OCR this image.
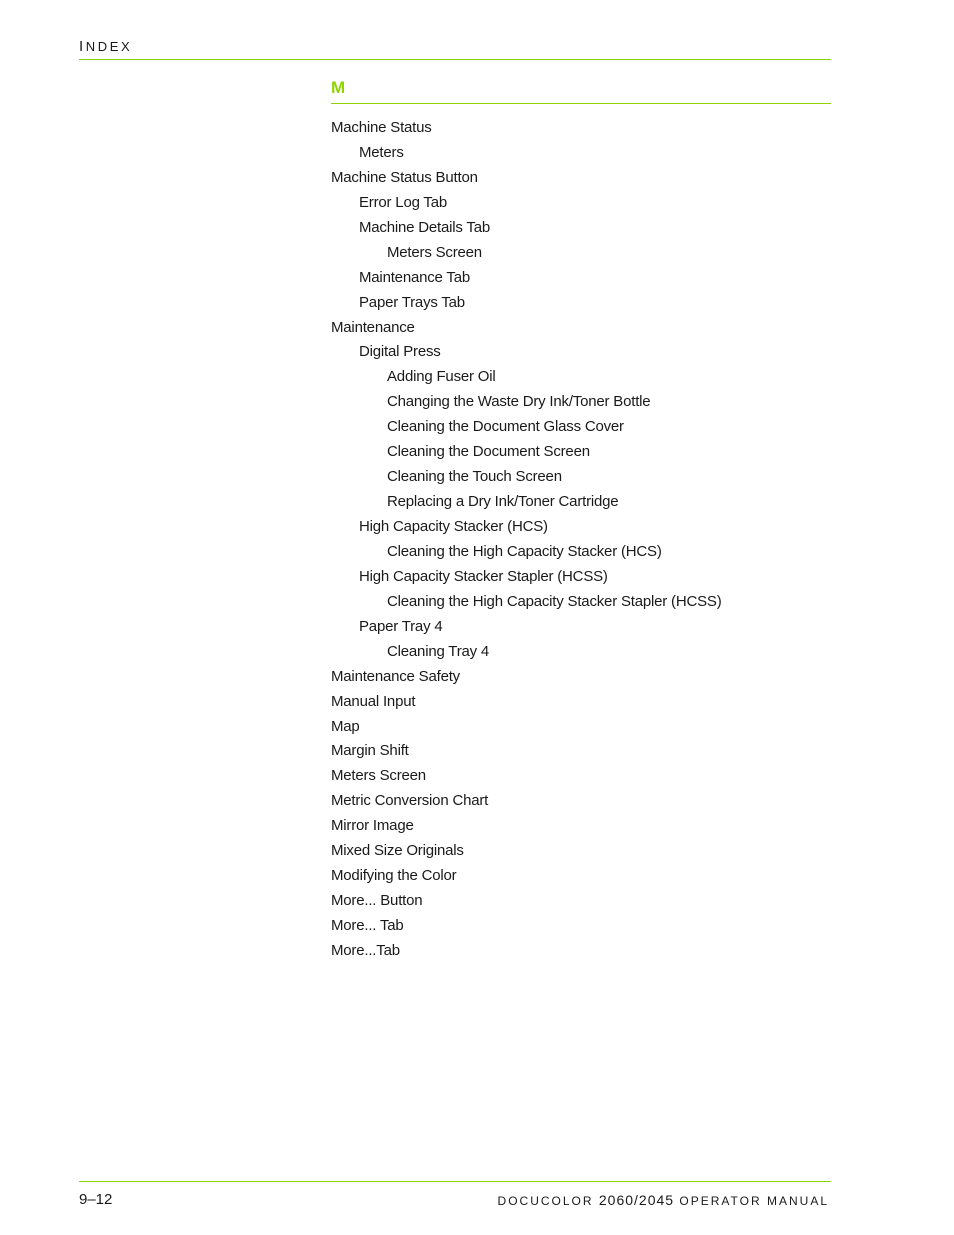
INDEX
M
Machine Status
Meters
Machine Status Button
Error Log Tab
Machine Details Tab
Meters Screen
Maintenance Tab
Paper Trays Tab
Maintenance
Digital Press
Adding Fuser Oil
Changing the Waste Dry Ink/Toner Bottle
Cleaning the Document Glass Cover
Cleaning the Document Screen
Cleaning the Touch Screen
Replacing a Dry Ink/Toner Cartridge
High Capacity Stacker (HCS)
Cleaning the High Capacity Stacker (HCS)
High Capacity Stacker Stapler (HCSS)
Cleaning the High Capacity Stacker Stapler (HCSS)
Paper Tray 4
Cleaning Tray 4
Maintenance Safety
Manual Input
Map
Margin Shift
Meters Screen
Metric Conversion Chart
Mirror Image
Mixed Size Originals
Modifying the Color
More... Button
More... Tab
More...Tab
9–12	DOCUCOLOR 2060/2045 OPERATOR MANUAL
